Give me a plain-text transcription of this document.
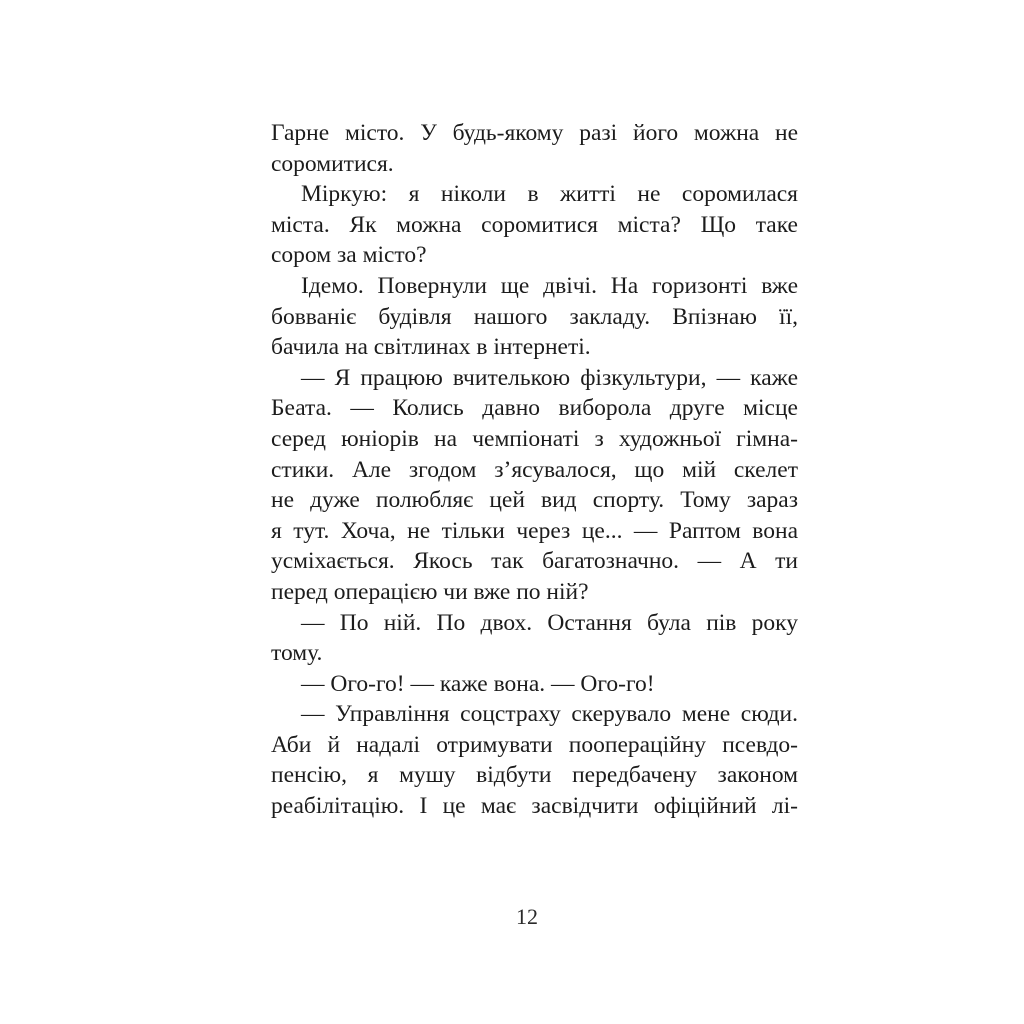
Гарне місто. У будь-якому разі його можна не
соромитися.
Міркую: я ніколи в житті не соромилася
міста. Як можна соромитися міста? Що таке
сором за місто?
Ідемо. Повернули ще двічі. На горизонті вже
бовваніє будівля нашого закладу. Впізнаю її,
бачила на світлинах в інтернеті.
— Я працюю вчителькою фізкультури, — каже
Беата. — Колись давно виборола друге місце
серед юніорів на чемпіонаті з художньої гімна-
стики. Але згодом з’ясувалося, що мій скелет
не дуже полюбляє цей вид спорту. Тому зараз
я тут. Хоча, не тільки через це... — Раптом вона
усміхається. Якось так багатозначно. — А ти
перед операцією чи вже по ній?
— По ній. По двох. Остання була пів року
тому.
— Ого-го! — каже вона. — Ого-го!
— Управління соцстраху скерувало мене сюди.
Аби й надалі отримувати пooпераційну псевдо-
пенсію, я мушу відбути передбачену законом
реабілітацію. І це має засвідчити офіційний лі-
12
